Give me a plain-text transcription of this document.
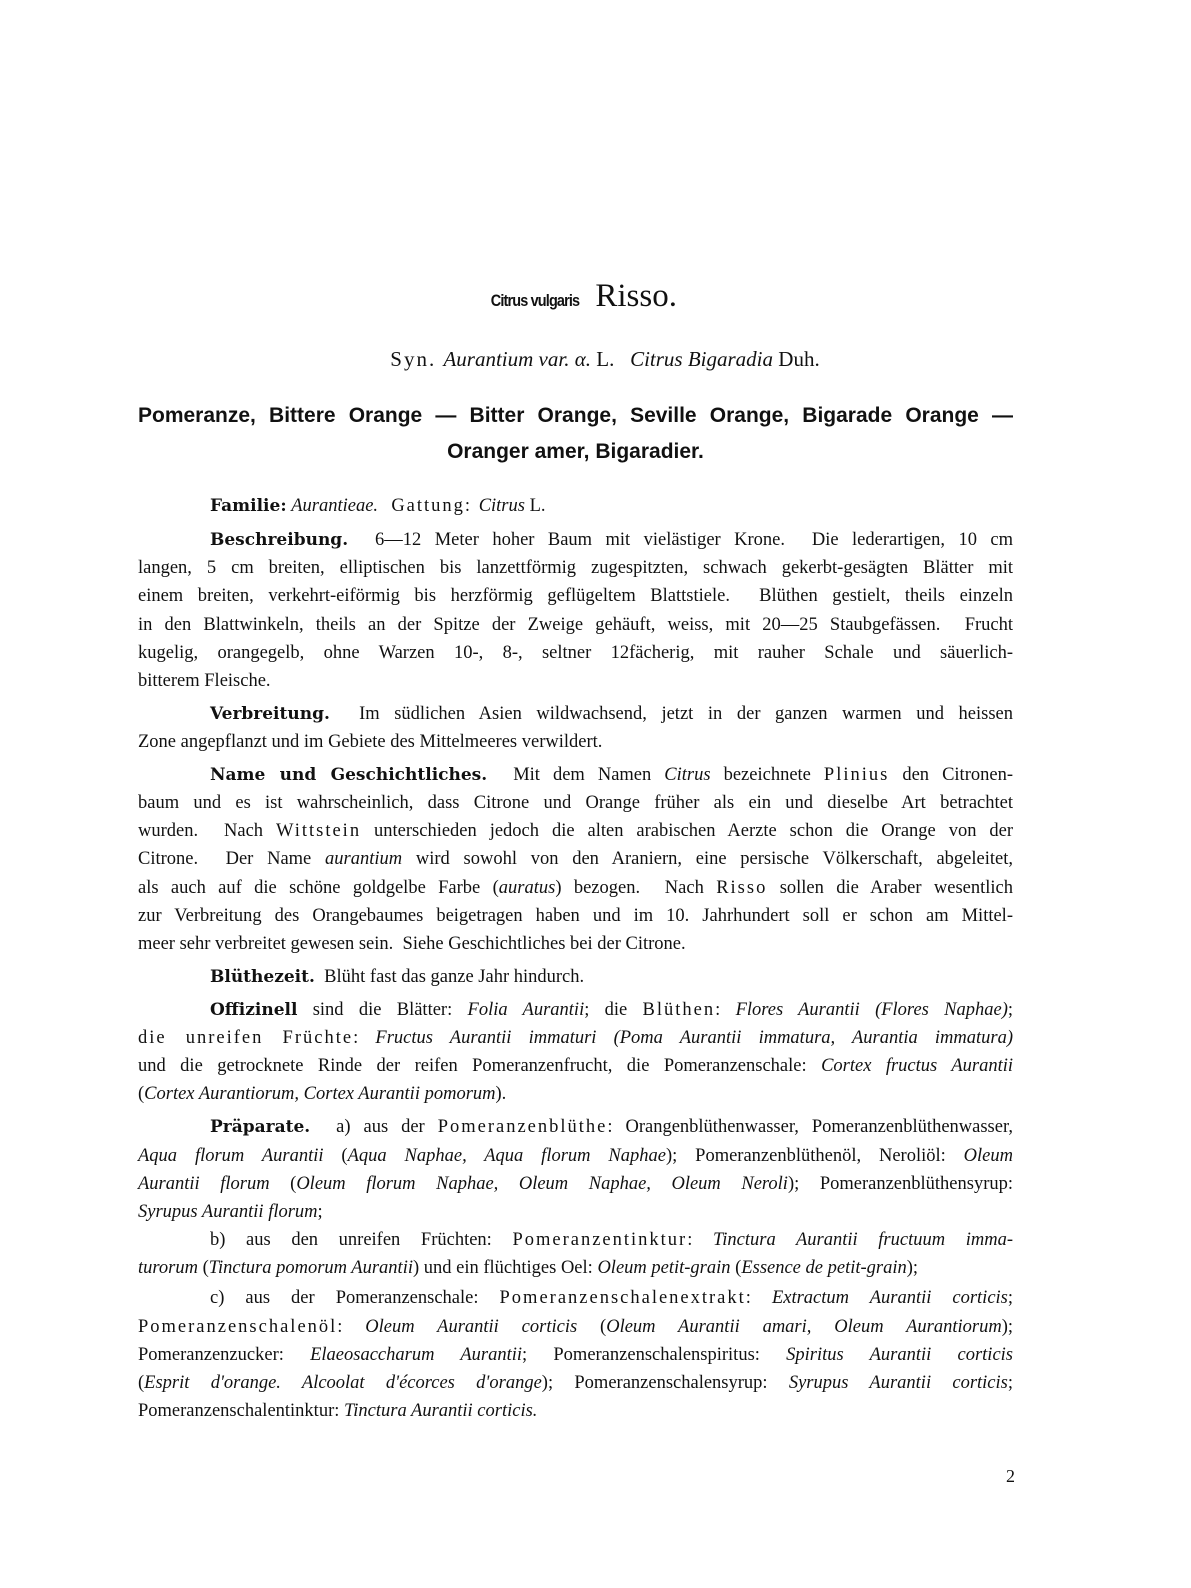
Citrus vulgaris Risso.
Syn. Aurantium var. α. L.   Citrus Bigaradia Duh.
Pomeranze, Bittere Orange — Bitter Orange, Seville Orange, Bigarade Orange —
Oranger amer, Bigaradier.
Familie: Aurantieae.  Gattung: Citrus L.
Beschreibung.  6—12 Meter hoher Baum mit vielästiger Krone.  Die lederartigen, 10 cm
langen, 5 cm breiten, elliptischen bis lanzettförmig zugespitzten, schwach gekerbt-gesägten Blätter mit
einem breiten, verkehrt-eiförmig bis herzförmig geflügeltem Blattstiele.  Blüthen gestielt, theils einzeln
in den Blattwinkeln, theils an der Spitze der Zweige gehäuft, weiss, mit 20—25 Staubgefässen.  Frucht
kugelig, orangegelb, ohne Warzen 10-, 8-, seltner 12fächerig, mit rauher Schale und säuerlich-
bitterem Fleische.
Verbreitung.  Im südlichen Asien wildwachsend, jetzt in der ganzen warmen und heissen
Zone angepflanzt und im Gebiete des Mittelmeeres verwildert.
Name und Geschichtliches.  Mit dem Namen Citrus bezeichnete Plinius den Citronen-
baum und es ist wahrscheinlich, dass Citrone und Orange früher als ein und dieselbe Art betrachtet
wurden.  Nach Wittstein unterschieden jedoch die alten arabischen Aerzte schon die Orange von der
Citrone.  Der Name aurantium wird sowohl von den Araniern, eine persische Völkerschaft, abgeleitet,
als auch auf die schöne goldgelbe Farbe (auratus) bezogen.  Nach Risso sollen die Araber wesentlich
zur Verbreitung des Orangebaumes beigetragen haben und im 10. Jahrhundert soll er schon am Mittel-
meer sehr verbreitet gewesen sein.  Siehe Geschichtliches bei der Citrone.
Blüthezeit.  Blüht fast das ganze Jahr hindurch.
Offizinell sind die Blätter: Folia Aurantii; die Blüthen: Flores Aurantii (Flores Naphae);
die unreifen Früchte: Fructus Aurantii immaturi (Poma Aurantii immatura, Aurantia immatura)
und die getrocknete Rinde der reifen Pomeranzenfrucht, die Pomeranzenschale: Cortex fructus Aurantii
(Cortex Aurantiorum, Cortex Aurantii pomorum).
Präparate.  a) aus der Pomeranzenblüthe: Orangenblüthenwasser, Pomeranzenblüthenwasser,
Aqua florum Aurantii (Aqua Naphae, Aqua florum Naphae); Pomeranzenblüthenöl, Neroliöl: Oleum
Aurantii florum (Oleum florum Naphae, Oleum Naphae, Oleum Neroli); Pomeranzenblüthensyrup:
Syrupus Aurantii florum;
b) aus den unreifen Früchten: Pomeranzentinktur: Tinctura Aurantii fructuum imma-
turorum (Tinctura pomorum Aurantii) und ein flüchtiges Oel: Oleum petit-grain (Essence de petit-grain);
c) aus der Pomeranzenschale: Pomeranzenschalenextrakt: Extractum Aurantii corticis;
Pomeranzenschalenöl: Oleum Aurantii corticis (Oleum Aurantii amari, Oleum Aurantiorum);
Pomeranzenzucker: Elaeosaccharum Aurantii; Pomeranzenschalenspiritus: Spiritus Aurantii corticis
(Esprit d'orange. Alcoolat d'écorces d'orange); Pomeranzenschalensyrup: Syrupus Aurantii corticis;
Pomeranzenschalentinktur: Tinctura Aurantii corticis.
2
